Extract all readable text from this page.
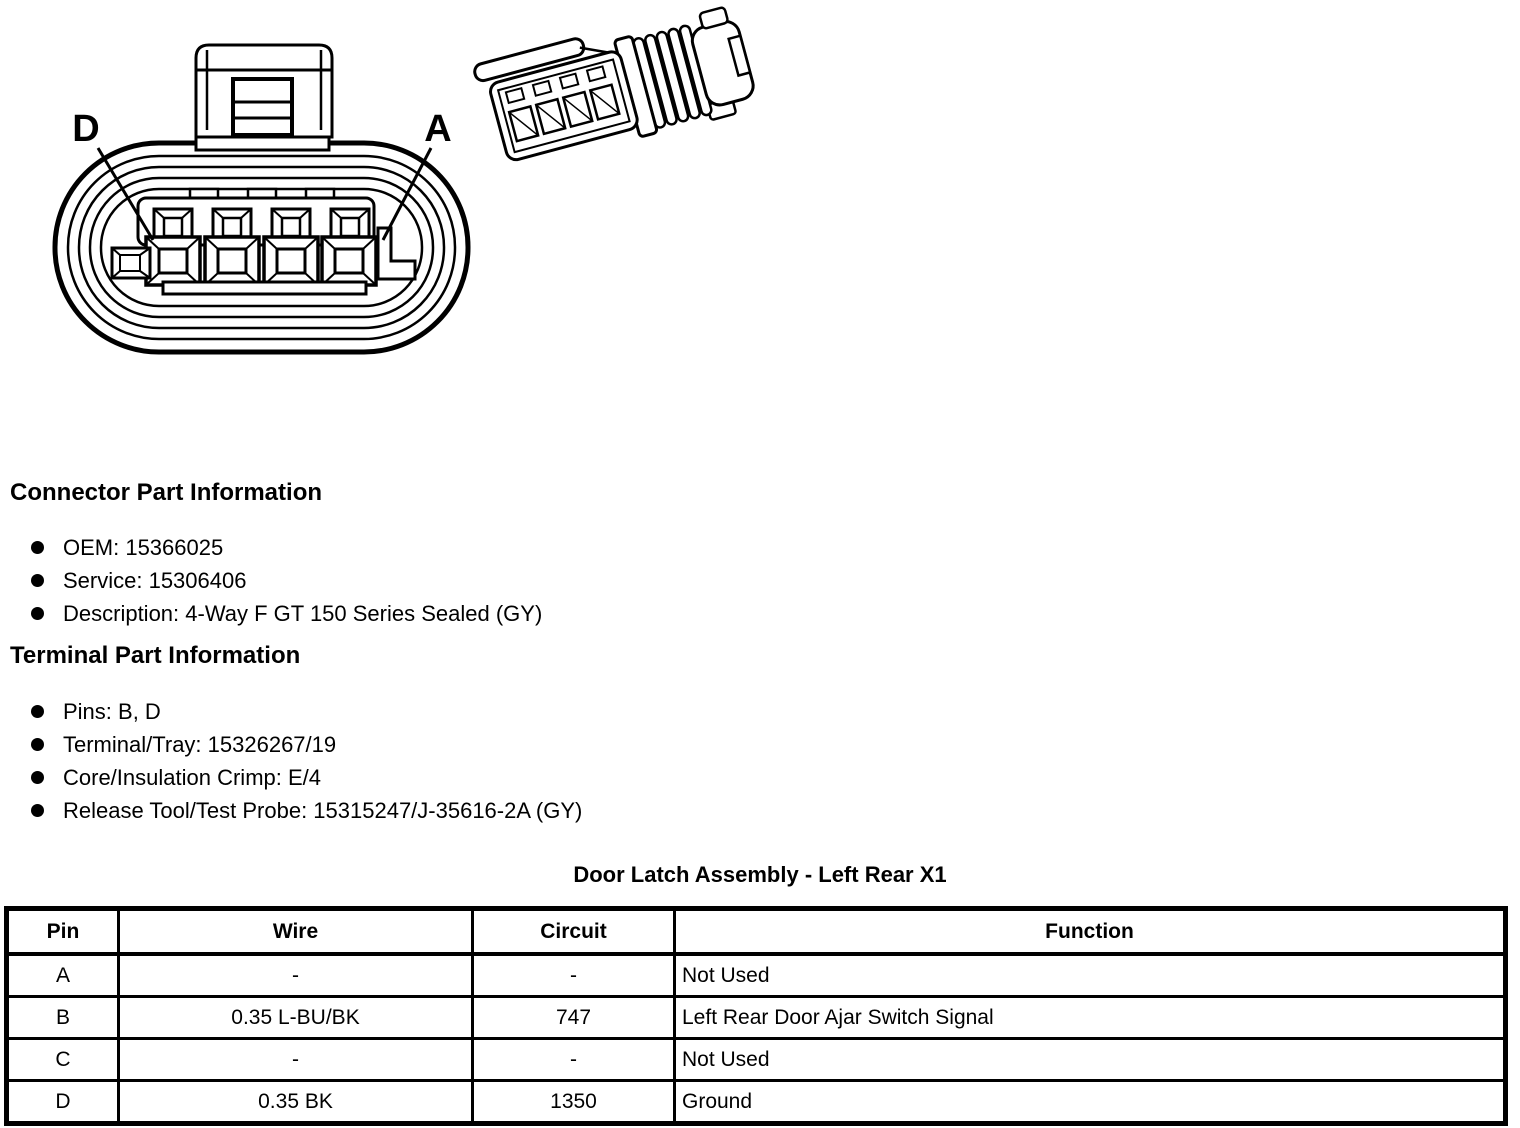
D	A
Connector Part Information
OEM: 15366025
Service: 15306406
Description: 4-Way F GT 150 Series Sealed (GY)
Terminal Part Information
Pins: B, D
Terminal/Tray: 15326267/19
Core/Insulation Crimp: E/4
Release Tool/Test Probe: 15315247/J-35616-2A (GY)
Door Latch Assembly - Left Rear X1
Pin	Wire	Circuit	Function
A	-	-	Not Used
B	0.35 L-BU/BK	747	Left Rear Door Ajar Switch Signal
C	-	-	Not Used
D	0.35 BK	1350	Ground
